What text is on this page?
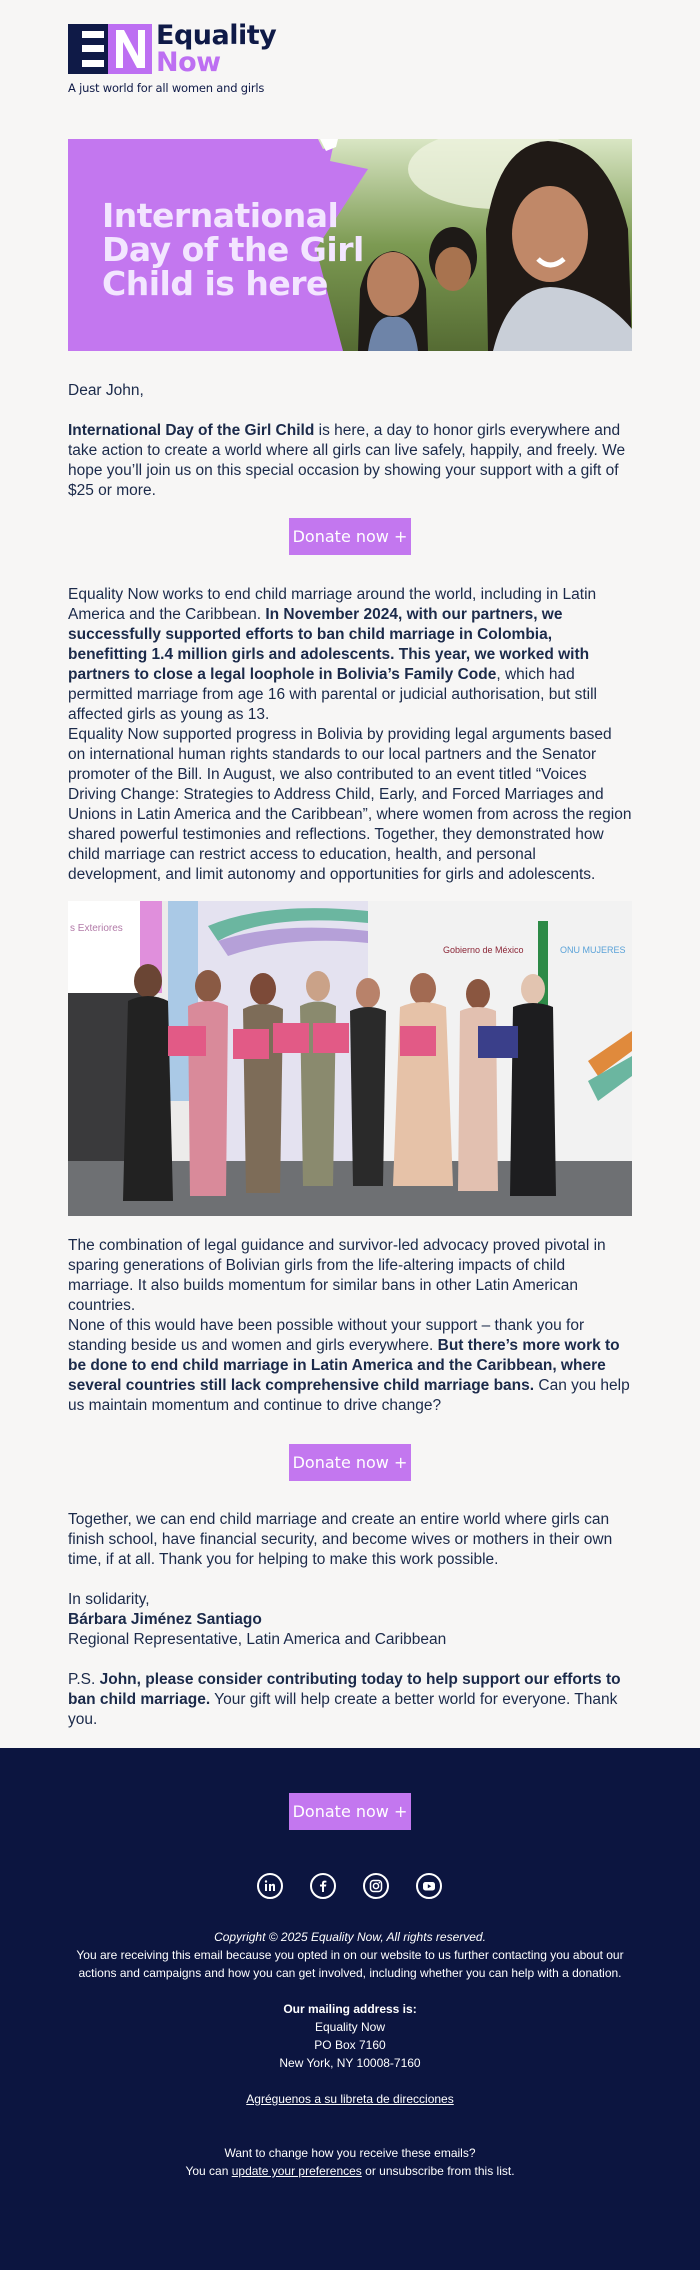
Equality
Now
A just world for all women and girls
International
Day of the Girl
Child is here
Dear John,
International Day of the Girl Child is here, a day to honor girls everywhere and take action to create a world where all girls can live safely, happily, and freely. We hope you’ll join us on this special occasion by showing your support with a gift of $25 or more.
Donate now +
Equality Now works to end child marriage around the world, including in Latin America and the Caribbean. In November 2024, with our partners, we successfully supported efforts to ban child marriage in Colombia, benefitting 1.4 million girls and adolescents. This year, we worked with partners to close a legal loophole in Bolivia’s Family Code, which had permitted marriage from age 16 with parental or judicial authorisation, but still affected girls as young as 13.
Equality Now supported progress in Bolivia by providing legal arguments based on international human rights standards to our local partners and the Senator promoter of the Bill. In August, we also contributed to an event titled “Voices Driving Change: Strategies to Address Child, Early, and Forced Marriages and Unions in Latin America and the Caribbean”, where women from across the region shared powerful testimonies and reflections. Together, they demonstrated how child marriage can restrict access to education, health, and personal development, and limit autonomy and opportunities for girls and adolescents.
s Exteriores
Gobierno de México	ONU MUJERES
The combination of legal guidance and survivor-led advocacy proved pivotal in sparing generations of Bolivian girls from the life-altering impacts of child marriage. It also builds momentum for similar bans in other Latin American countries.
None of this would have been possible without your support – thank you for standing beside us and women and girls everywhere. But there’s more work to be done to end child marriage in Latin America and the Caribbean, where several countries still lack comprehensive child marriage bans. Can you help us maintain momentum and continue to drive change?
Donate now +
Together, we can end child marriage and create an entire world where girls can finish school, have financial security, and become wives or mothers in their own time, if at all. Thank you for helping to make this work possible.
In solidarity,
Bárbara Jiménez Santiago
Regional Representative, Latin America and Caribbean
P.S. John, please consider contributing today to help support our efforts to ban child marriage. Your gift will help create a better world for everyone. Thank you.
Donate now +
Copyright © 2025 Equality Now, All rights reserved.
You are receiving this email because you opted in on our website to us further contacting you about our actions and campaigns and how you can get involved, including whether you can help with a donation.
Our mailing address is:
Equality Now
PO Box 7160
New York, NY 10008-7160
Agréguenos a su libreta de direcciones
Want to change how you receive these emails?
You can update your preferences or unsubscribe from this list.
